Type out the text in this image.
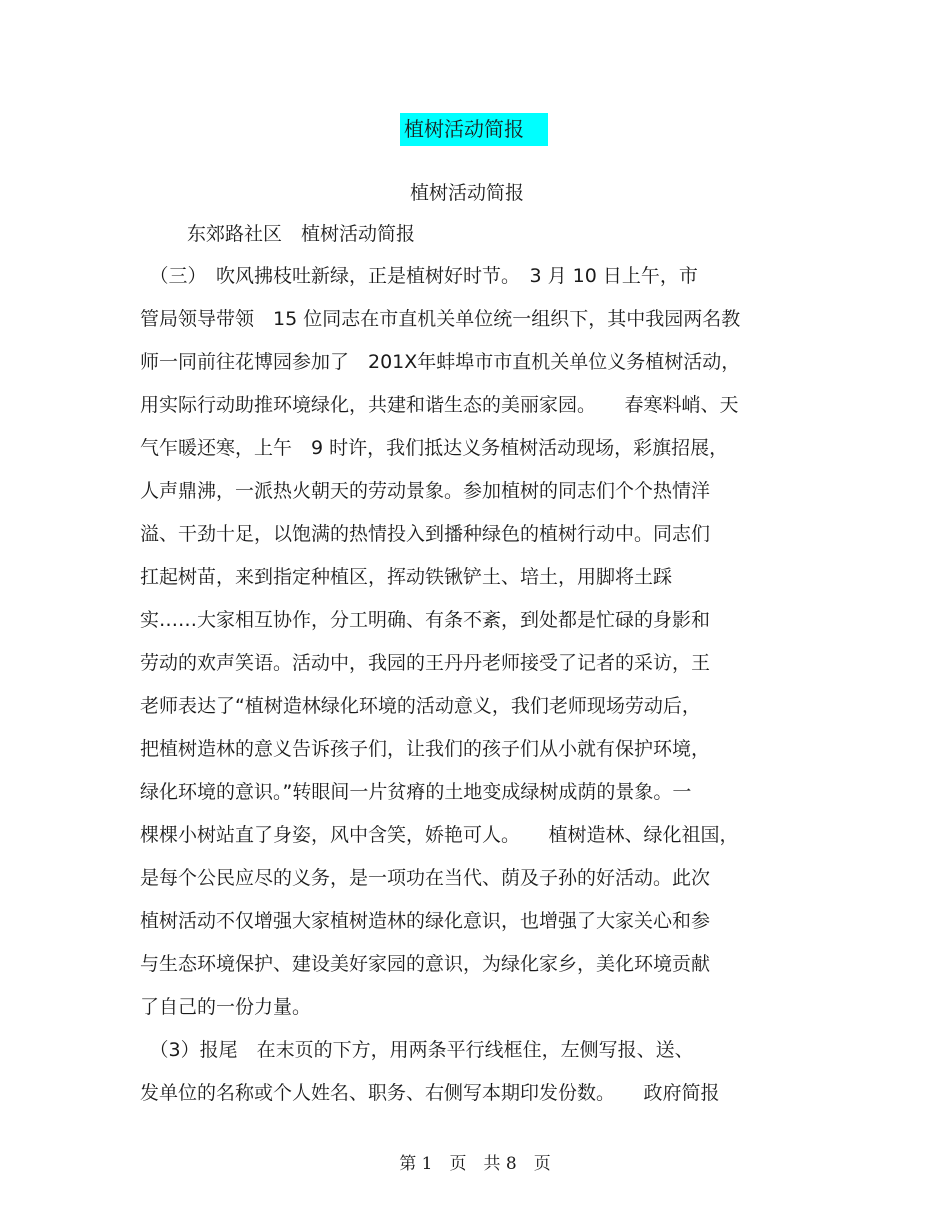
植树活动简报
植树活动简报
东郊路社区　植树活动简报
　（三）　吹风拂枝吐新绿，正是植树好时节。　3 月 10 日上午，市
管局领导带领　15 位同志在市直机关单位统一组织下，其中我园两名教
师一同前往花博园参加了　201X年蚌埠市市直机关单位义务植树活动，
用实际行动助推环境绿化，共建和谐生态的美丽家园。　　春寒料峭、天
气乍暖还寒，上午　9 时许，我们抵达义务植树活动现场，彩旗招展，
人声鼎沸，一派热火朝天的劳动景象。参加植树的同志们个个热情洋
溢、干劲十足，以饱满的热情投入到播种绿色的植树行动中。同志们
扛起树苗，来到指定种植区，挥动铁锹铲土、培土，用脚将土踩
实……大家相互协作，分工明确、有条不紊，到处都是忙碌的身影和
劳动的欢声笑语。活动中，我园的王丹丹老师接受了记者的采访，王
老师表达了“植树造林绿化环境的活动意义，我们老师现场劳动后，
把植树造林的意义告诉孩子们，让我们的孩子们从小就有保护环境，
绿化环境的意识。”转眼间一片贫瘠的土地变成绿树成荫的景象。一
棵棵小树站直了身姿，风中含笑，娇艳可人。　　植树造林、绿化祖国，
是每个公民应尽的义务，是一项功在当代、荫及子孙的好活动。此次
植树活动不仅增强大家植树造林的绿化意识，也增强了大家关心和参
与生态环境保护、建设美好家园的意识，为绿化家乡，美化环境贡献
了自己的一份力量。
　（3）报尾　在末页的下方，用两条平行线框住，左侧写报、送、
发单位的名称或个人姓名、职务、右侧写本期印发份数。　　政府简报
第 1　页　共 8　页
